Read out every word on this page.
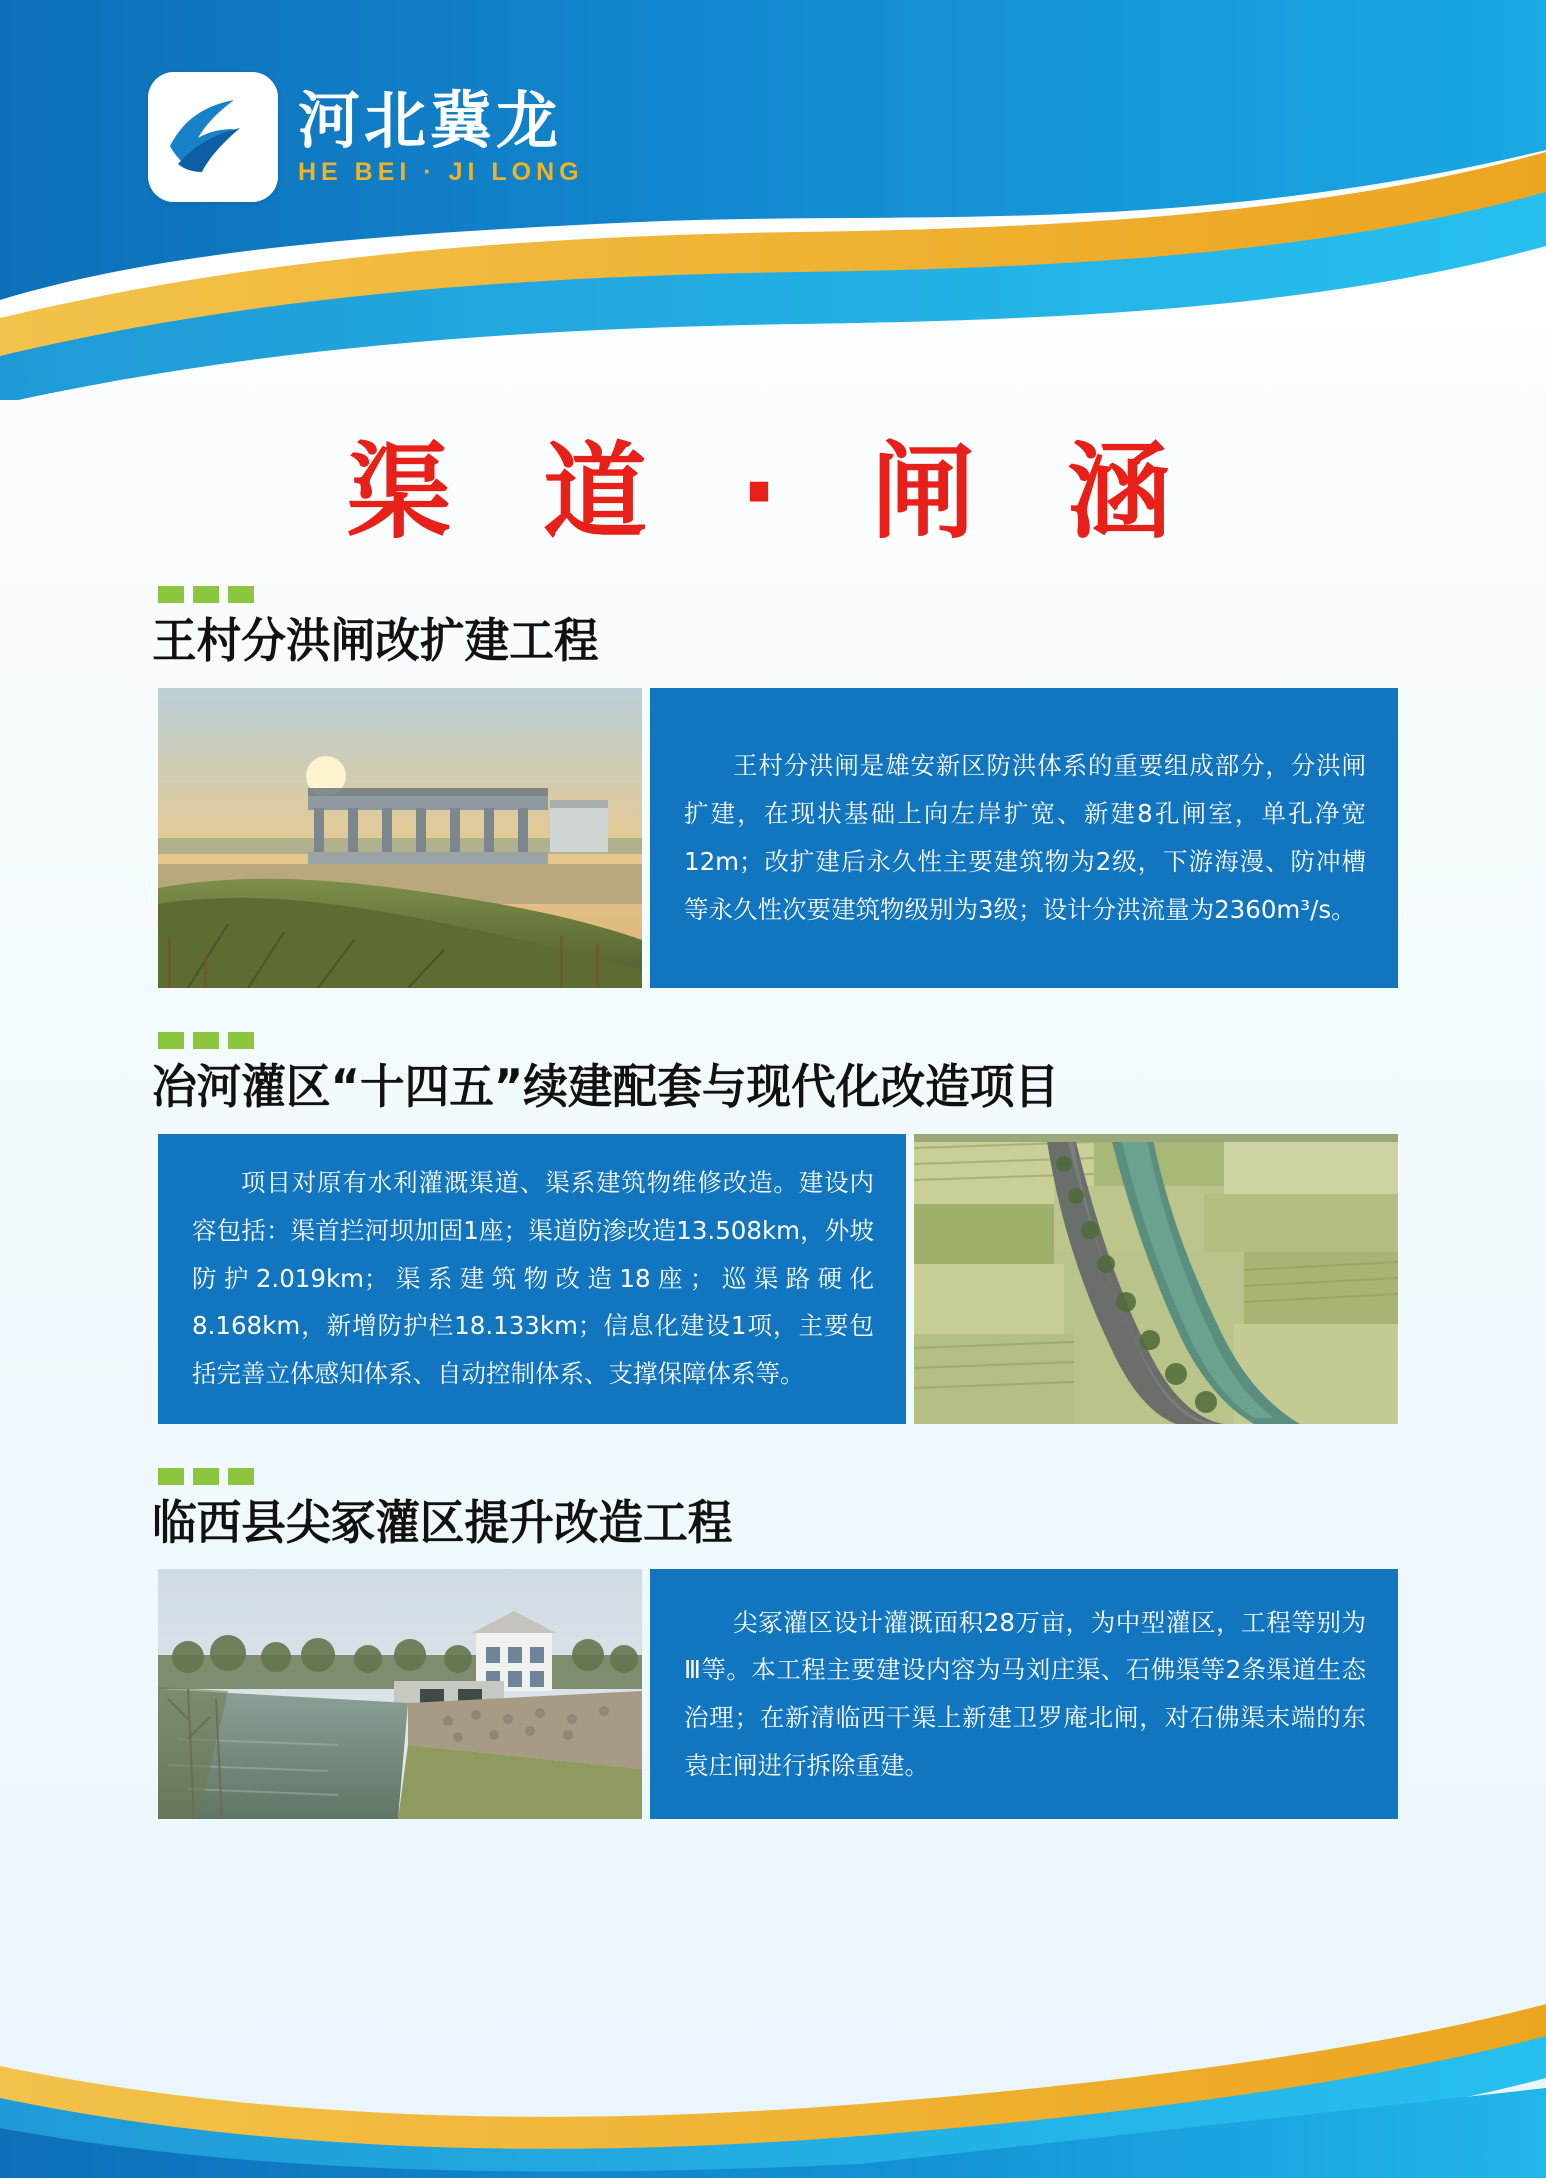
河北冀龙
HE BEI · JI LONG
渠 道 · 闸 涵
王村分洪闸改扩建工程

王村分洪闸是雄安新区防洪体系的重要组成部分，分洪闸扩建，在现状基础上向左岸扩宽、新建8孔闸室，单孔净宽12m；改扩建后永久性主要建筑物为2级，下游海漫、防冲槽等永久性次要建筑物级别为3级；设计分洪流量为2360m³/s。

冶河灌区“十四五”续建配套与现代化改造项目

项目对原有水利灌溉渠道、渠系建筑物维修改造。建设内容包括：渠首拦河坝加固1座；渠道防渗改造13.508km，外坡防护2.019km；渠系建筑物改造18座；巡渠路硬化8.168km，新增防护栏18.133km；信息化建设1项，主要包括完善立体感知体系、自动控制体系、支撑保障体系等。

临西县尖冢灌区提升改造工程

尖冢灌区设计灌溉面积28万亩，为中型灌区，工程等别为Ⅲ等。本工程主要建设内容为马刘庄渠、石佛渠等2条渠道生态治理；在新清临西干渠上新建卫罗庵北闸，对石佛渠末端的东袁庄闸进行拆除重建。
